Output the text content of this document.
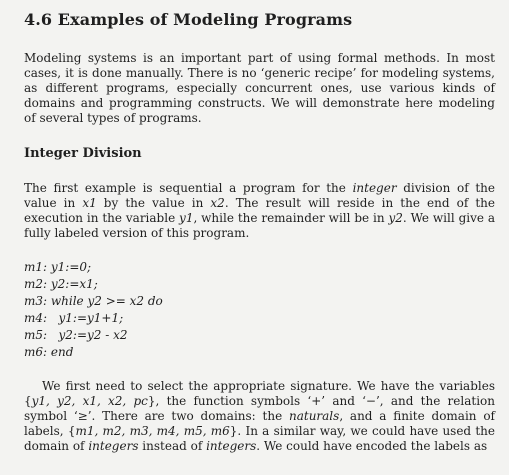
4.6 Examples of Modeling Programs

Modeling systems is an important part of using formal methods. In most cases, it is done manually. There is no ‘generic recipe’ for modeling systems, as different programs, especially concurrent ones, use various kinds of domains and programming constructs. We will demonstrate here modeling of several types of programs.

Integer Division

The first example is sequential a program for the integer division of the value in x1 by the value in x2. The result will reside in the end of the execution in the variable y1, while the remainder will be in y2. We will give a fully labeled version of this program.

m1: y1:=0;
m2: y2:=x1;
m3: while y2 >= x2 do
m4:   y1:=y1+1;
m5:   y2:=y2 - x2
m6: end

We first need to select the appropriate signature. We have the variables {y1, y2, x1, x2, pc}, the function symbols ‘+’ and ‘−’, and the relation symbol ‘≥’. There are two domains: the naturals, and a finite domain of labels, {m1, m2, m3, m4, m5, m6}. In a similar way, we could have used the domain of integers instead of integers. We could have encoded the labels as
